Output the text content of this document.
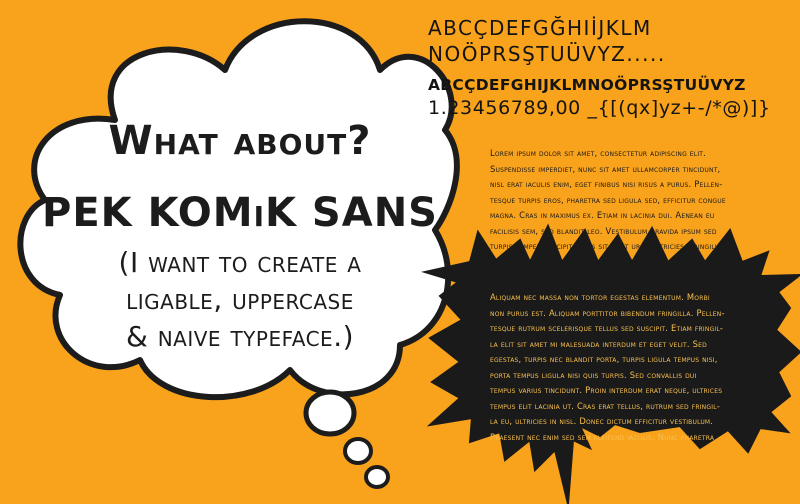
What about?
PEK KOMiK SANS
(I want to create a
ligable, uppercase
& naive typeface.)
ABCÇDEFGĞHIİJKLM
NOÖPRSŞTUÜVYZ.....
ABCÇDEFGHIJKLMNOÖPRSŞTUÜVYZ
1.23456789,00 _{[(qx]yz+-/*@)]}
Lorem ipsum dolor sit amet, consectetur adipiscing elit.
Suspendisse imperdiet, nunc sit amet ullamcorper tincidunt,
nisl erat iaculis enim, eget finibus nisi risus a purus. Pellen-
tesque turpis eros, pharetra sed ligula sed, efficitur congue
magna. Cras in maximus ex. Etiam in lacinia dui. Aenean eu
facilisis sem, sed blandit leo. Vestibulum gravida ipsum sed
turpis semper suscipit. Duis sit amet urna ultricies, fringilla
nibh vel, finibus erat. Pellentesque vulputate eros porttitor
tor sapien sollicitudin, nec consectetur erat finibus.
Aliquam nec massa non tortor egestas elementum. Morbi
non purus est. Aliquam porttitor bibendum fringilla. Pellen-
tesque rutrum scelerisque tellus sed suscipit. Etiam fringil-
la elit sit amet mi malesuada interdum et eget velit. Sed
egestas, turpis nec blandit porta, turpis ligula tempus nisi,
porta tempus ligula nisi quis turpis. Sed convallis dui
tempus varius tincidunt. Proin interdum erat neque, ultrices
tempus elit lacinia ut. Cras erat tellus, rutrum sed fringil-
la eu, ultricies in nisl. Donec dictum efficitur vestibulum.
Praesent nec enim sed sem eleifend iaculis. Nunc pharetra
